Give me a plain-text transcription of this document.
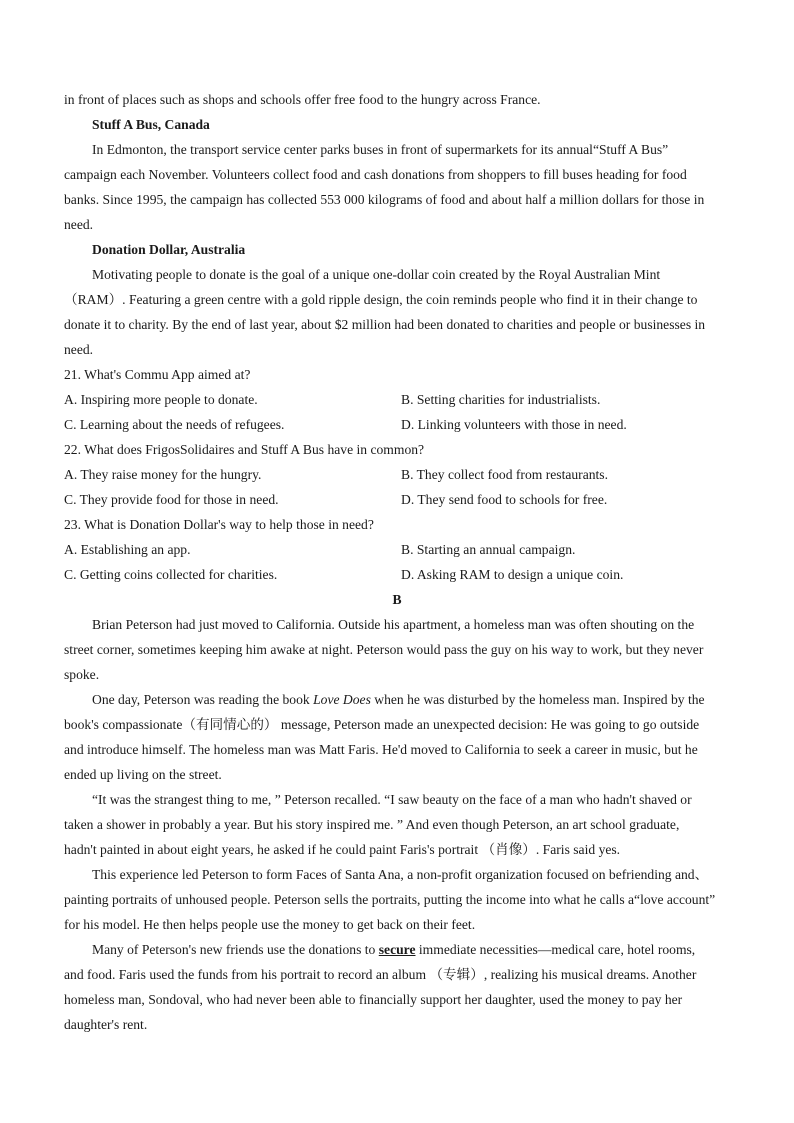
in front of places such as shops and schools offer free food to the hungry across France.
Stuff A Bus, Canada
In Edmonton, the transport service center parks buses in front of supermarkets for its annual“Stuff A Bus”
campaign each November. Volunteers collect food and cash donations from shoppers to fill buses heading for food
banks. Since 1995, the campaign has collected 553 000 kilograms of food and about half a million dollars for those in
need.
Donation Dollar, Australia
Motivating people to donate is the goal of a unique one-dollar coin created by the Royal Australian Mint
（RAM）. Featuring a green centre with a gold ripple design, the coin reminds people who find it in their change to
donate it to charity. By the end of last year, about $2 million had been donated to charities and people or businesses in
need.
21. What's Commu App aimed at?
A. Inspiring more people to donate.	B. Setting charities for industrialists.
C. Learning about the needs of refugees.	D. Linking volunteers with those in need.
22. What does FrigosSolidaires and Stuff A Bus have in common?
A. They raise money for the hungry.	B. They collect food from restaurants.
C. They provide food for those in need.	D. They send food to schools for free.
23. What is Donation Dollar's way to help those in need?
A. Establishing an app.	B. Starting an annual campaign.
C. Getting coins collected for charities.	D. Asking RAM to design a unique coin.
B
Brian Peterson had just moved to California. Outside his apartment, a homeless man was often shouting on the
street corner, sometimes keeping him awake at night. Peterson would pass the guy on his way to work, but they never
spoke.
One day, Peterson was reading the book Love Does when he was disturbed by the homeless man. Inspired by the
book's compassionate（有同情心的） message, Peterson made an unexpected decision: He was going to go outside
and introduce himself. The homeless man was Matt Faris. He'd moved to California to seek a career in music, but he
ended up living on the street.
“It was the strangest thing to me, ” Peterson recalled. “I saw beauty on the face of a man who hadn't shaved or
taken a shower in probably a year. But his story inspired me. ” And even though Peterson, an art school graduate,
hadn't painted in about eight years, he asked if he could paint Faris's portrait （肖像）. Faris said yes.
This experience led Peterson to form Faces of Santa Ana, a non-profit organization focused on befriending and、
painting portraits of unhoused people. Peterson sells the portraits, putting the income into what he calls a“love account”
for his model. He then helps people use the money to get back on their feet.
Many of Peterson's new friends use the donations to secure immediate necessities—medical care, hotel rooms,
and food. Faris used the funds from his portrait to record an album （专辑）, realizing his musical dreams. Another
homeless man, Sondoval, who had never been able to financially support her daughter, used the money to pay her
daughter's rent.
